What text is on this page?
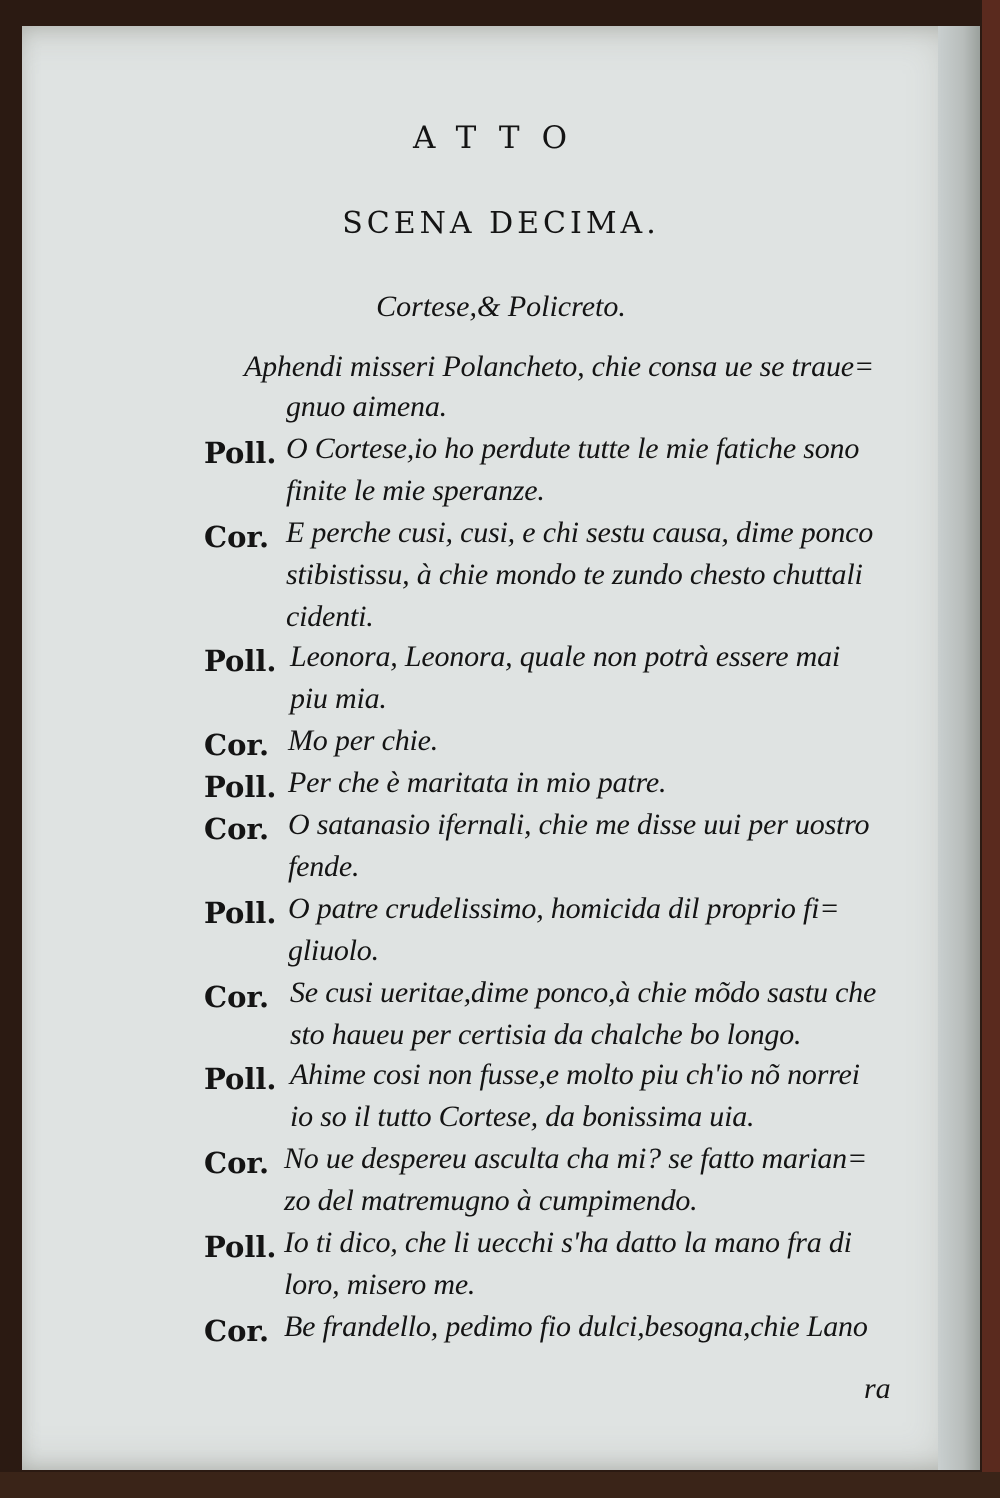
ATTO
SCENA DECIMA.
Cortese,& Policreto.
Aphendi misseri Polancheto, chie consa ue se traue=
gnuo aimena.
Poll. O Cortese,io ho perdute tutte le mie fatiche sono
finite le mie speranze.
Cor. E perche cusi, cusi, e chi sestu causa, dime ponco
stibistissu, à chie mondo te zundo chesto chuttali
cidenti.
Poll. Leonora, Leonora, quale non potrà essere mai
piu mia.
Cor. Mo per chie.
Poll. Per che è maritata in mio patre.
Cor. O satanasio ifernali, chie me disse uui per uostro
fende.
Poll. O patre crudelissimo, homicida dil proprio fi=
gliuolo.
Cor. Se cusi ueritae,dime ponco,à chie mõdo sastu che
sto haueu per certisia da chalche bo longo.
Poll. Ahime cosi non fusse,e molto piu ch'io nõ norrei
io so il tutto Cortese, da bonissima uia.
Cor. No ue despereu asculta cha mi? se fatto marian=
zo del matremugno à cumpimendo.
Poll. Io ti dico, che li uecchi s'ha datto la mano fra di
loro, misero me.
Cor. Be frandello, pedimo fio dulci,besogna,chie Lano
ra
